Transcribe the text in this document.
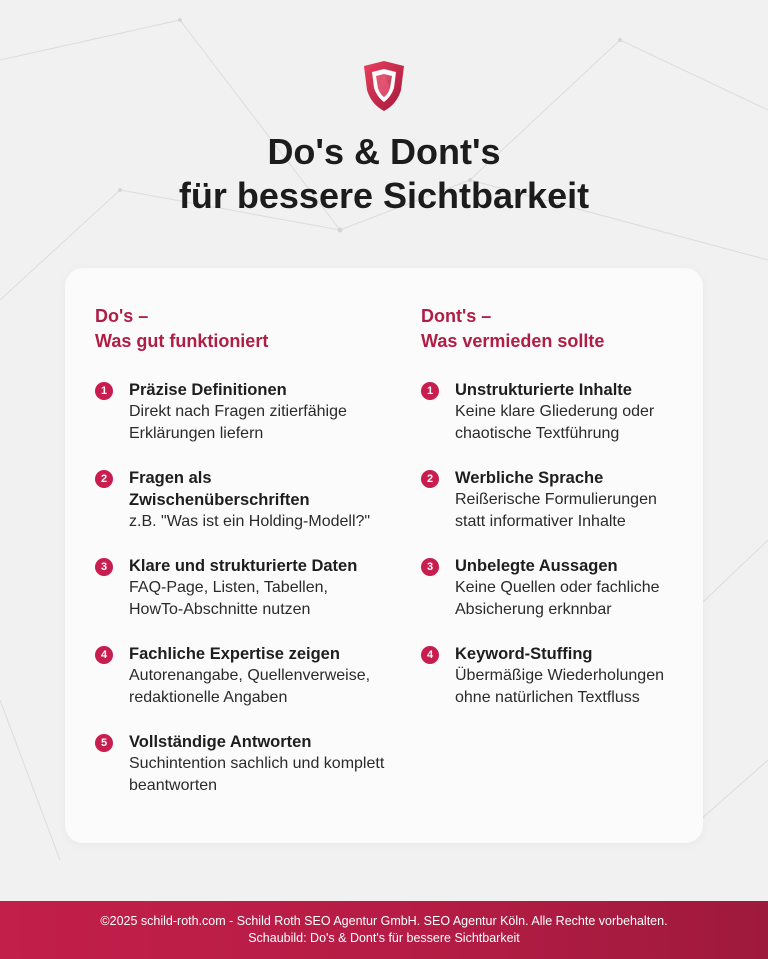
Do's & Dont's
für bessere Sichtbarkeit
Do's –
Was gut funktioniert
1	Präzise Definitionen
Direkt nach Fragen zitierfähige Erklärungen liefern
2	Fragen als Zwischenüberschriften
z.B. "Was ist ein Holding-Modell?"
3	Klare und strukturierte Daten
FAQ-Page, Listen, Tabellen, HowTo-Abschnitte nutzen
4	Fachliche Expertise zeigen
Autorenangabe, Quellenverweise, redaktionelle Angaben
5	Vollständige Antworten
Suchintention sachlich und komplett beantworten
Dont's –
Was vermieden sollte
1	Unstrukturierte Inhalte
Keine klare Gliederung oder chaotische Textführung
2	Werbliche Sprache
Reißerische Formulierungen statt informativer Inhalte
3	Unbelegte Aussagen
Keine Quellen oder fachliche Absicherung erknnbar
4	Keyword-Stuffing
Übermäßige Wiederholungen ohne natürlichen Textfluss
©2025 schild-roth.com - Schild Roth SEO Agentur GmbH. SEO Agentur Köln. Alle Rechte vorbehalten.
Schaubild: Do's & Dont's für bessere Sichtbarkeit
